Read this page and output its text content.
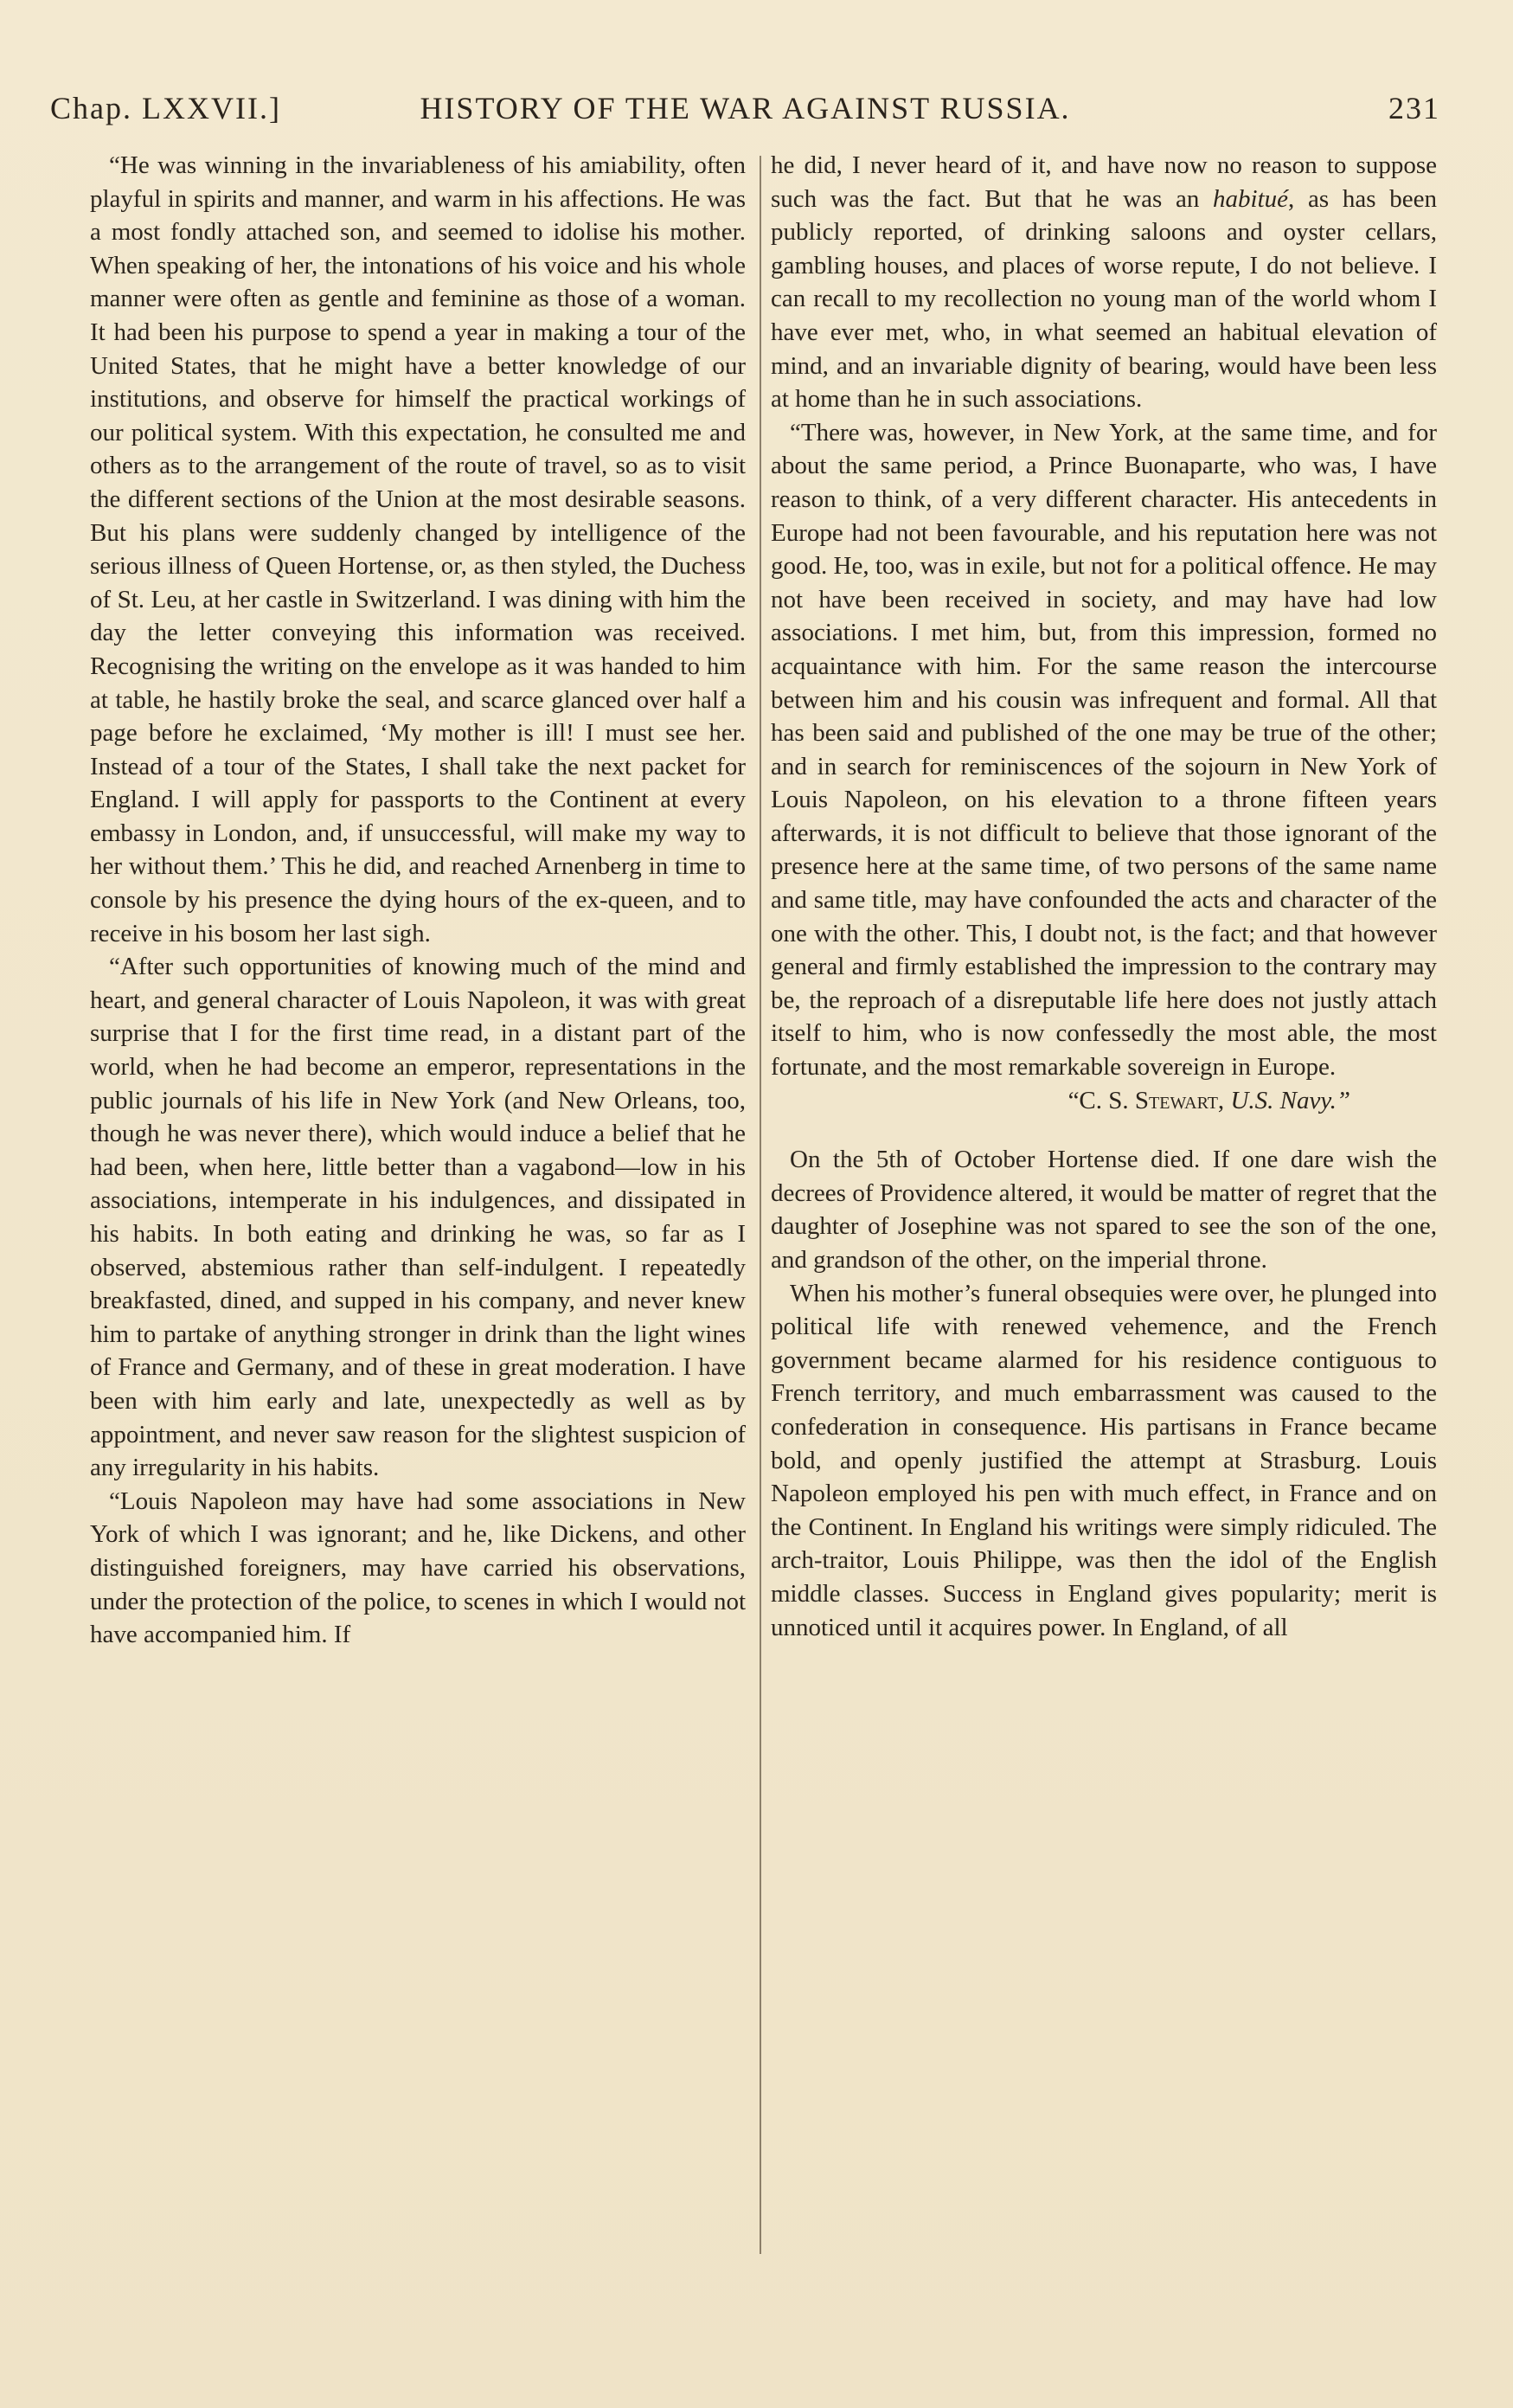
Chap. LXXVII.]	HISTORY OF THE WAR AGAINST RUSSIA.	231

“He was winning in the invariableness of his amiability, often playful in spirits and manner, and warm in his affections. He was a most fondly attached son, and seemed to idolise his mother. When speaking of her, the intonations of his voice and his whole manner were often as gentle and feminine as those of a woman. It had been his purpose to spend a year in making a tour of the United States, that he might have a better knowledge of our institutions, and observe for himself the practical workings of our political system. With this expectation, he consulted me and others as to the arrangement of the route of travel, so as to visit the different sections of the Union at the most desirable seasons. But his plans were suddenly changed by intelligence of the serious illness of Queen Hortense, or, as then styled, the Duchess of St. Leu, at her castle in Switzerland. I was dining with him the day the letter conveying this information was received. Recognising the writing on the envelope as it was handed to him at table, he hastily broke the seal, and scarce glanced over half a page before he exclaimed, ‘My mother is ill! I must see her. Instead of a tour of the States, I shall take the next packet for England. I will apply for passports to the Continent at every embassy in London, and, if unsuccessful, will make my way to her without them.’ This he did, and reached Arnenberg in time to console by his presence the dying hours of the ex-queen, and to receive in his bosom her last sigh.

“After such opportunities of knowing much of the mind and heart, and general character of Louis Napoleon, it was with great surprise that I for the first time read, in a distant part of the world, when he had become an emperor, representations in the public journals of his life in New York (and New Orleans, too, though he was never there), which would induce a belief that he had been, when here, little better than a vagabond—low in his associations, intemperate in his indulgences, and dissipated in his habits. In both eating and drinking he was, so far as I observed, abstemious rather than self-indulgent. I repeatedly breakfasted, dined, and supped in his company, and never knew him to partake of anything stronger in drink than the light wines of France and Germany, and of these in great moderation. I have been with him early and late, unexpectedly as well as by appointment, and never saw reason for the slightest suspicion of any irregularity in his habits.

“Louis Napoleon may have had some associations in New York of which I was ignorant; and he, like Dickens, and other distinguished foreigners, may have carried his observations, under the protection of the police, to scenes in which I would not have accompanied him. If

he did, I never heard of it, and have now no reason to suppose such was the fact. But that he was an habitué, as has been publicly reported, of drinking saloons and oyster cellars, gambling houses, and places of worse repute, I do not believe. I can recall to my recollection no young man of the world whom I have ever met, who, in what seemed an habitual elevation of mind, and an invariable dignity of bearing, would have been less at home than he in such associations.

“There was, however, in New York, at the same time, and for about the same period, a Prince Buonaparte, who was, I have reason to think, of a very different character. His antecedents in Europe had not been favourable, and his reputation here was not good. He, too, was in exile, but not for a political offence. He may not have been received in society, and may have had low associations. I met him, but, from this impression, formed no acquaintance with him. For the same reason the intercourse between him and his cousin was infrequent and formal. All that has been said and published of the one may be true of the other; and in search for reminiscences of the sojourn in New York of Louis Napoleon, on his elevation to a throne fifteen years afterwards, it is not difficult to believe that those ignorant of the presence here at the same time, of two persons of the same name and same title, may have confounded the acts and character of the one with the other. This, I doubt not, is the fact; and that however general and firmly established the impression to the contrary may be, the reproach of a disreputable life here does not justly attach itself to him, who is now confessedly the most able, the most fortunate, and the most remarkable sovereign in Europe.

“C. S. Stewart, U.S. Navy.”

On the 5th of October Hortense died. If one dare wish the decrees of Providence altered, it would be matter of regret that the daughter of Josephine was not spared to see the son of the one, and grandson of the other, on the imperial throne.

When his mother’s funeral obsequies were over, he plunged into political life with renewed vehemence, and the French government became alarmed for his residence contiguous to French territory, and much embarrassment was caused to the confederation in consequence. His partisans in France became bold, and openly justified the attempt at Strasburg. Louis Napoleon employed his pen with much effect, in France and on the Continent. In England his writings were simply ridiculed. The arch-traitor, Louis Philippe, was then the idol of the English middle classes. Success in England gives popularity; merit is unnoticed until it acquires power. In England, of all
